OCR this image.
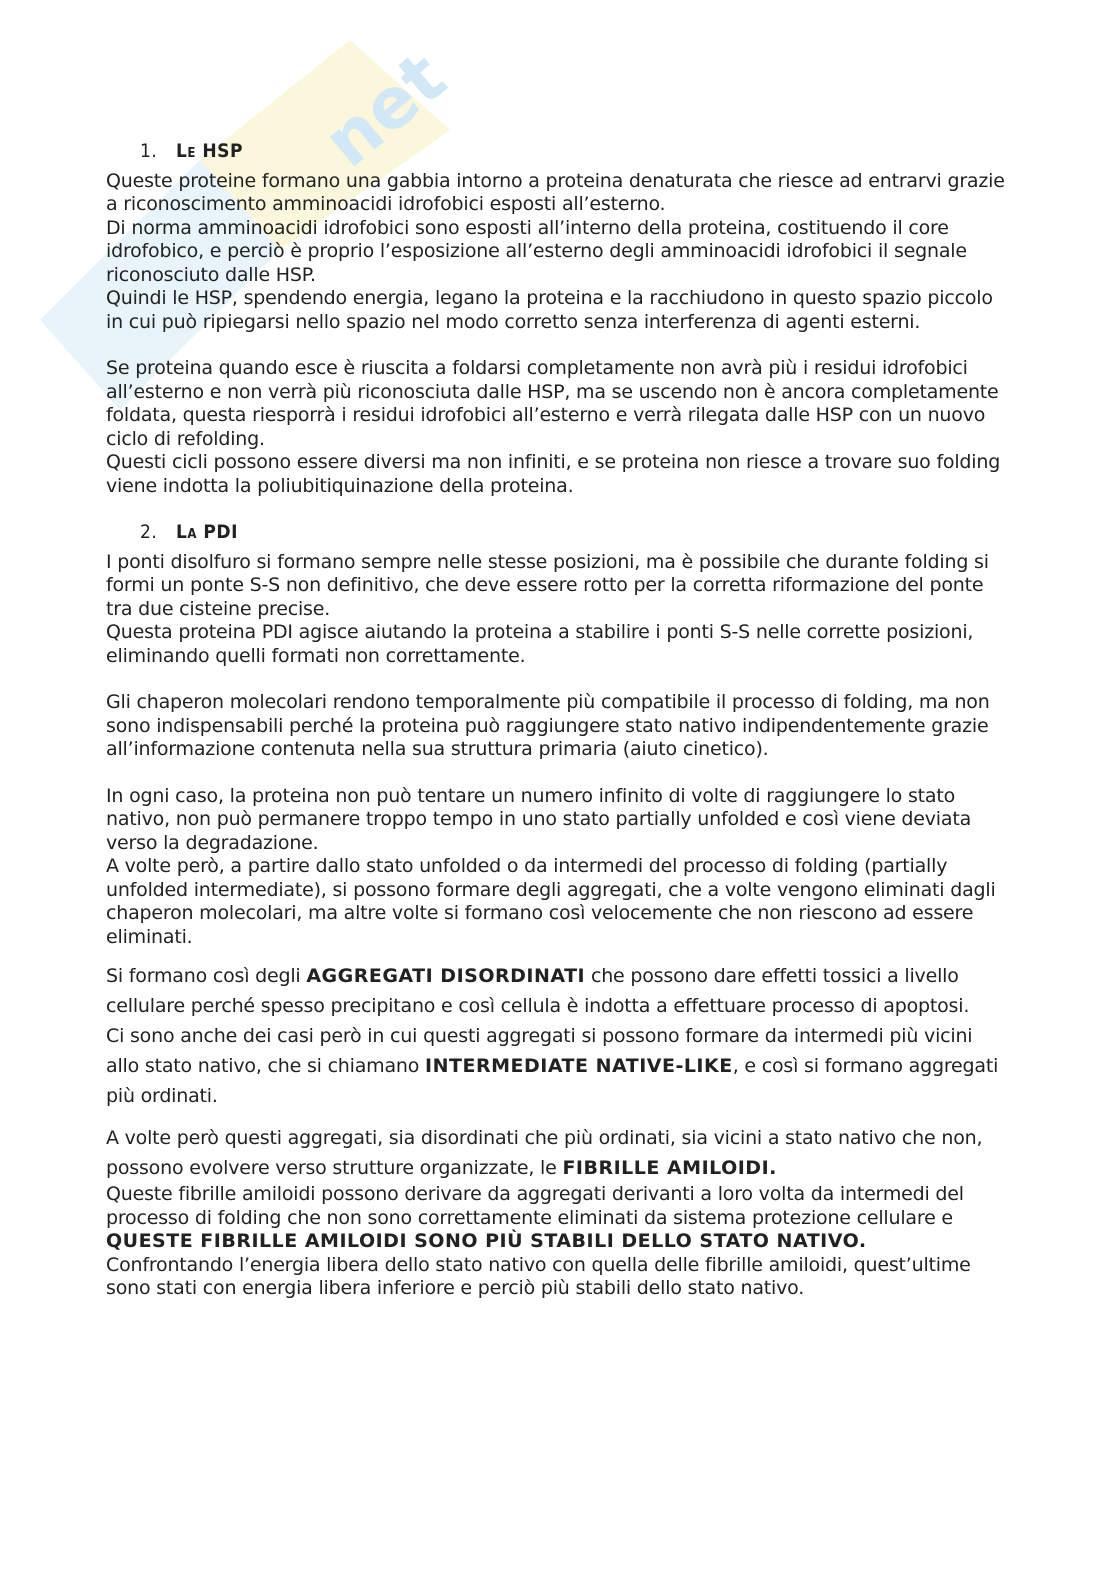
net
1. Le HSP

Queste proteine formano una gabbia intorno a proteina denaturata che riesce ad entrarvi grazie a riconoscimento amminoacidi idrofobici esposti all’esterno.

Di norma amminoacidi idrofobici sono esposti all’interno della proteina, costituendo il core idrofobico, e perciò è proprio l’esposizione all’esterno degli amminoacidi idrofobici il segnale riconosciuto dalle HSP.

Quindi le HSP, spendendo energia, legano la proteina e la racchiudono in questo spazio piccolo in cui può ripiegarsi nello spazio nel modo corretto senza interferenza di agenti esterni.

Se proteina quando esce è riuscita a foldarsi completamente non avrà più i residui idrofobici all’esterno e non verrà più riconosciuta dalle HSP, ma se uscendo non è ancora completamente foldata, questa riesporrà i residui idrofobici all’esterno e verrà rilegata dalle HSP con un nuovo ciclo di refolding.

Questi cicli possono essere diversi ma non infiniti, e se proteina non riesce a trovare suo folding viene indotta la poliubitiquinazione della proteina.

2. La PDI

I ponti disolfuro si formano sempre nelle stesse posizioni, ma è possibile che durante folding si formi un ponte S-S non definitivo, che deve essere rotto per la corretta riformazione del ponte tra due cisteine precise.

Questa proteina PDI agisce aiutando la proteina a stabilire i ponti S-S nelle corrette posizioni, eliminando quelli formati non correttamente.

Gli chaperon molecolari rendono temporalmente più compatibile il processo di folding, ma non sono indispensabili perché la proteina può raggiungere stato nativo indipendentemente grazie all’informazione contenuta nella sua struttura primaria (aiuto cinetico).

In ogni caso, la proteina non può tentare un numero infinito di volte di raggiungere lo stato nativo, non può permanere troppo tempo in uno stato partially unfolded e così viene deviata verso la degradazione.

A volte però, a partire dallo stato unfolded o da intermedi del processo di folding (partially unfolded intermediate), si possono formare degli aggregati, che a volte vengono eliminati dagli chaperon molecolari, ma altre volte si formano così velocemente che non riescono ad essere eliminati.

Si formano così degli AGGREGATI DISORDINATI che possono dare effetti tossici a livello cellulare perché spesso precipitano e così cellula è indotta a effettuare processo di apoptosi.

Ci sono anche dei casi però in cui questi aggregati si possono formare da intermedi più vicini allo stato nativo, che si chiamano INTERMEDIATE NATIVE-LIKE, e così si formano aggregati più ordinati.

A volte però questi aggregati, sia disordinati che più ordinati, sia vicini a stato nativo che non, possono evolvere verso strutture organizzate, le FIBRILLE AMILOIDI.

Queste fibrille amiloidi possono derivare da aggregati derivanti a loro volta da intermedi del processo di folding che non sono correttamente eliminati da sistema protezione cellulare e QUESTE FIBRILLE AMILOIDI SONO PIÙ STABILI DELLO STATO NATIVO.

Confrontando l’energia libera dello stato nativo con quella delle fibrille amiloidi, quest’ultime sono stati con energia libera inferiore e perciò più stabili dello stato nativo.
